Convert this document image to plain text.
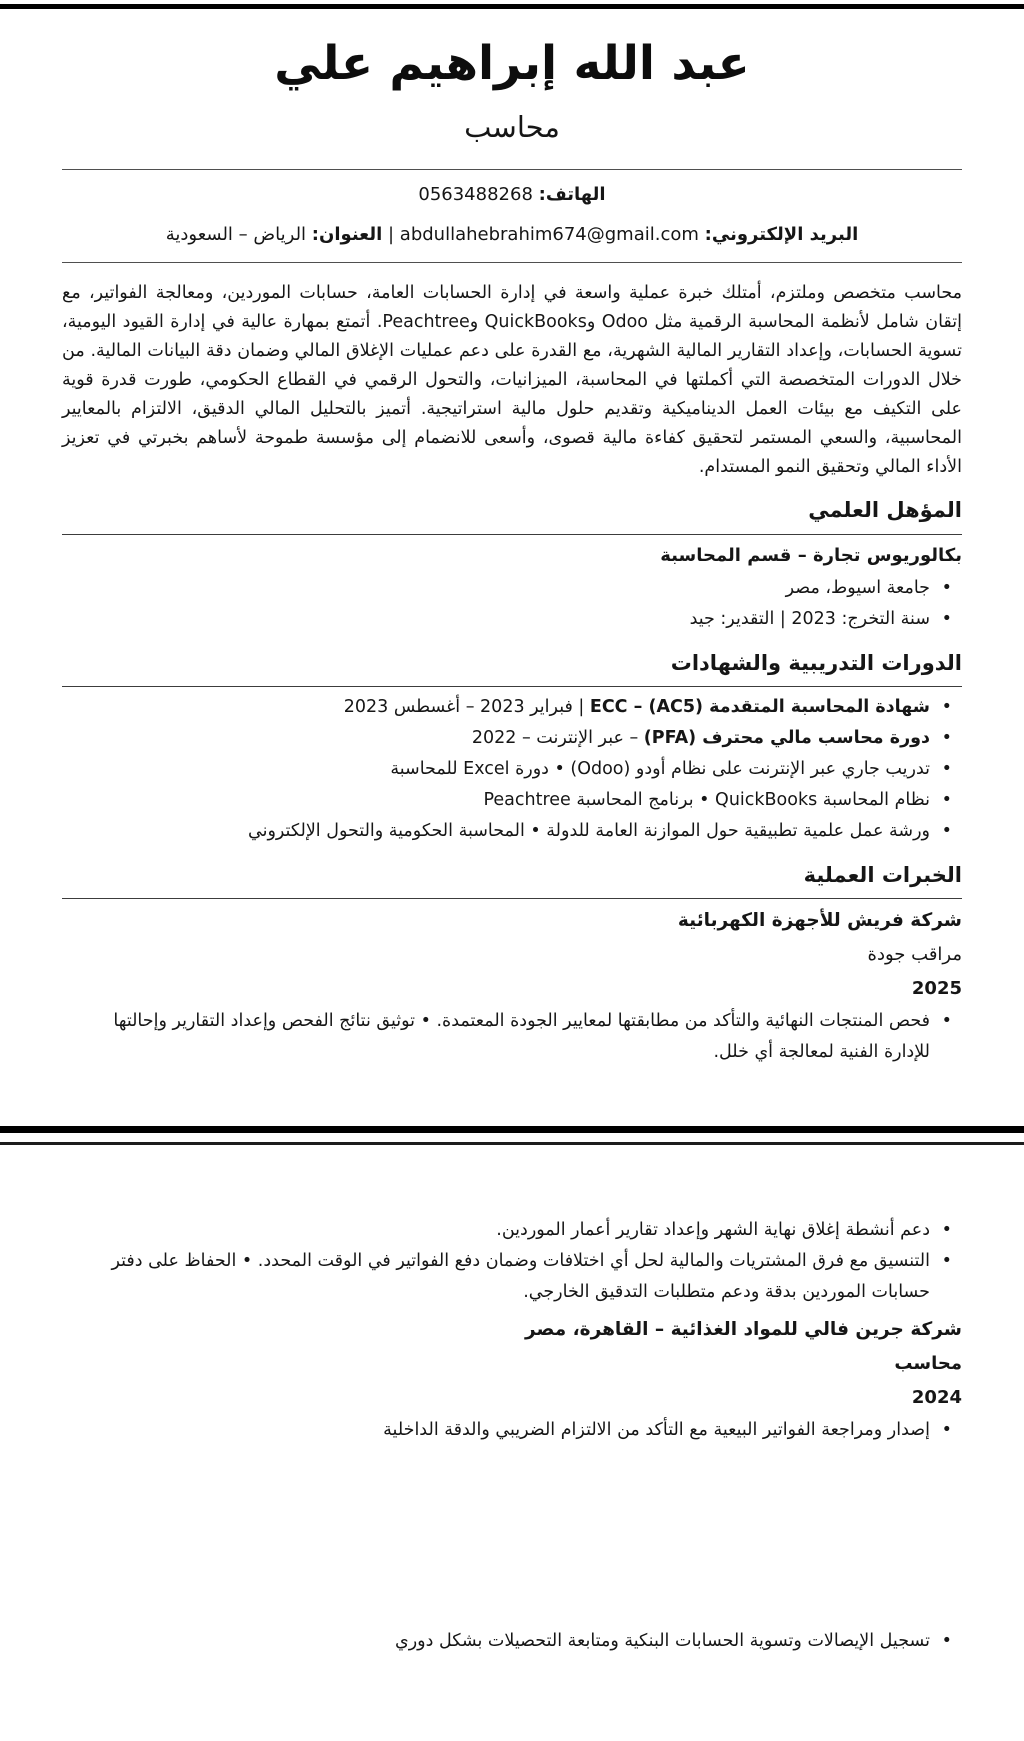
عبد الله إبراهيم علي
محاسب
الهاتف: 0563488268
البريد الإلكتروني: abdullahebrahim674@gmail.com | العنوان: الرياض – السعودية
محاسب متخصص وملتزم، أمتلك خبرة عملية واسعة في إدارة الحسابات العامة، حسابات الموردين، ومعالجة الفواتير، مع إتقان شامل لأنظمة المحاسبة الرقمية مثل Odoo وQuickBooks وPeachtree. أتمتع بمهارة عالية في إدارة القيود اليومية، تسوية الحسابات، وإعداد التقارير المالية الشهرية، مع القدرة على دعم عمليات الإغلاق المالي وضمان دقة البيانات المالية. من خلال الدورات المتخصصة التي أكملتها في المحاسبة، الميزانيات، والتحول الرقمي في القطاع الحكومي، طورت قدرة قوية على التكيف مع بيئات العمل الديناميكية وتقديم حلول مالية استراتيجية. أتميز بالتحليل المالي الدقيق، الالتزام بالمعايير المحاسبية، والسعي المستمر لتحقيق كفاءة مالية قصوى، وأسعى للانضمام إلى مؤسسة طموحة لأساهم بخبرتي في تعزيز الأداء المالي وتحقيق النمو المستدام.
المؤهل العلمي
بكالوريوس تجارة – قسم المحاسبة
•
جامعة اسيوط، مصر
•
سنة التخرج: 2023 | التقدير: جيد
الدورات التدريبية والشهادات
•
شهادة المحاسبة المتقدمة (AC5) – ECC | فبراير 2023 – أغسطس 2023
•
دورة محاسب مالي محترف (PFA) – عبر الإنترنت – 2022
•
تدريب جاري عبر الإنترنت على نظام أودو (Odoo) • دورة Excel للمحاسبة
•
نظام المحاسبة QuickBooks • برنامج المحاسبة Peachtree
•
ورشة عمل علمية تطبيقية حول الموازنة العامة للدولة • المحاسبة الحكومية والتحول الإلكتروني
الخبرات العملية
شركة فريش للأجهزة الكهربائية
مراقب جودة
2025
•
فحص المنتجات النهائية والتأكد من مطابقتها لمعايير الجودة المعتمدة. • توثيق نتائج الفحص وإعداد التقارير وإحالتها للإدارة الفنية لمعالجة أي خلل.
•
دعم أنشطة إغلاق نهاية الشهر وإعداد تقارير أعمار الموردين.
•
التنسيق مع فرق المشتريات والمالية لحل أي اختلافات وضمان دفع الفواتير في الوقت المحدد. • الحفاظ على دفتر حسابات الموردين بدقة ودعم متطلبات التدقيق الخارجي.
شركة جرين فالي للمواد الغذائية – القاهرة، مصر
محاسب
2024
•
إصدار ومراجعة الفواتير البيعية مع التأكد من الالتزام الضريبي والدقة الداخلية
•
تسجيل الإيصالات وتسوية الحسابات البنكية ومتابعة التحصيلات بشكل دوري
